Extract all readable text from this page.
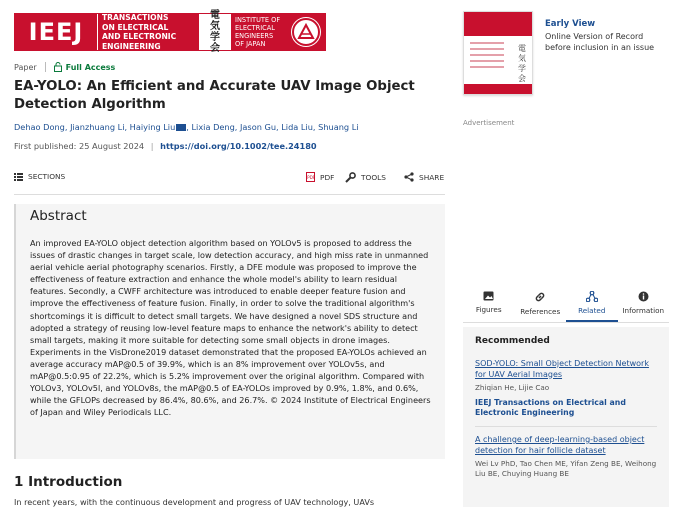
IEEJ
TRANSACTIONS
ON ELECTRICAL
AND ELECTRONIC
ENGINEERING
電
気
学
会
INSTITUTE OF
ELECTRICAL
ENGINEERS
OF JAPAN
Paper	Full Access
EA-YOLO: An Efficient and Accurate UAV Image Object Detection Algorithm
Dehao Dong, Jianzhuang Li, Haiying Liu , Lixia Deng, Jason Gu, Lida Liu, Shuang Li
First published: 25 August 2024 | https://doi.org/10.1002/tee.24180
SECTIONS	PDF PDF	TOOLS	SHARE
Abstract

An improved EA-YOLO object detection algorithm based on YOLOv5 is proposed to address the issues of drastic changes in target scale, low detection accuracy, and high miss rate in unmanned aerial vehicle aerial photography scenarios. Firstly, a DFE module was proposed to improve the effectiveness of feature extraction and enhance the whole model's ability to learn residual features. Secondly, a CWFF architecture was introduced to enable deeper feature fusion and improve the effectiveness of feature fusion. Finally, in order to solve the traditional algorithm's shortcomings it is difficult to detect small targets. We have designed a novel SDS structure and adopted a strategy of reusing low-level feature maps to enhance the network's ability to detect small targets, making it more suitable for detecting some small objects in drone images. Experiments in the VisDrone2019 dataset demonstrated that the proposed EA-YOLOs achieved an average accuracy mAP@0.5 of 39.9%, which is an 8% improvement over YOLOv5s, and mAP@0.5:0.95 of 22.2%, which is 5.2% improvement over the original algorithm. Compared with YOLOv3, YOLOv5l, and YOLOv8s, the mAP@0.5 of EA-YOLOs improved by 0.9%, 1.8%, and 0.6%, while the GFLOPs decreased by 86.4%, 80.6%, and 26.7%. © 2024 Institute of Electrical Engineers of Japan and Wiley Periodicals LLC.

1 Introduction
In recent years, with the continuous development and progress of UAV technology, UAVs
電
気
学
会
Early View
Online Version of Record before inclusion in an issue
Advertisement
Figures	References Related Information
Recommended
SOD-YOLO: Small Object Detection Network for UAV Aerial Images
Zhiqian He, Lijie Cao
IEEJ Transactions on Electrical and Electronic Engineering
A challenge of deep-learning-based object detection for hair follicle dataset
Wei Lv PhD, Tao Chen ME, Yifan Zeng BE, Weihong Liu BE, Chuying Huang BE
